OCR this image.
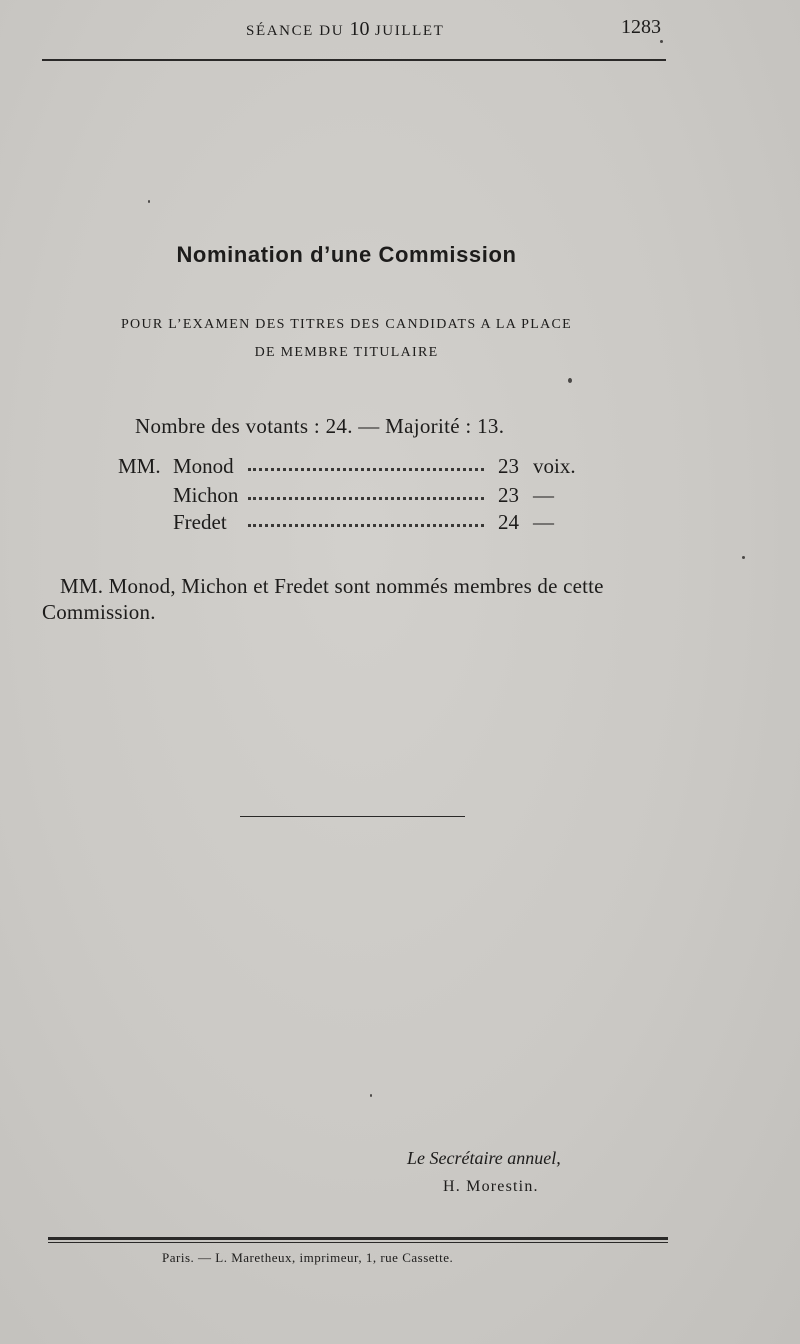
SÉANCE DU 10 JUILLET	1283
Nomination d’une Commission
POUR L’EXAMEN DES TITRES DES CANDIDATS A LA PLACE
DE MEMBRE TITULAIRE
Nombre des votants : 24. — Majorité : 13.
MM. Monod	23 voix.
Michon	23 —
Fredet	24 —
MM. Monod, Michon et Fredet sont nommés membres de cette
Commission.
Le Secrétaire annuel,
H. Morestin.
Paris. — L. Maretheux, imprimeur, 1, rue Cassette.
